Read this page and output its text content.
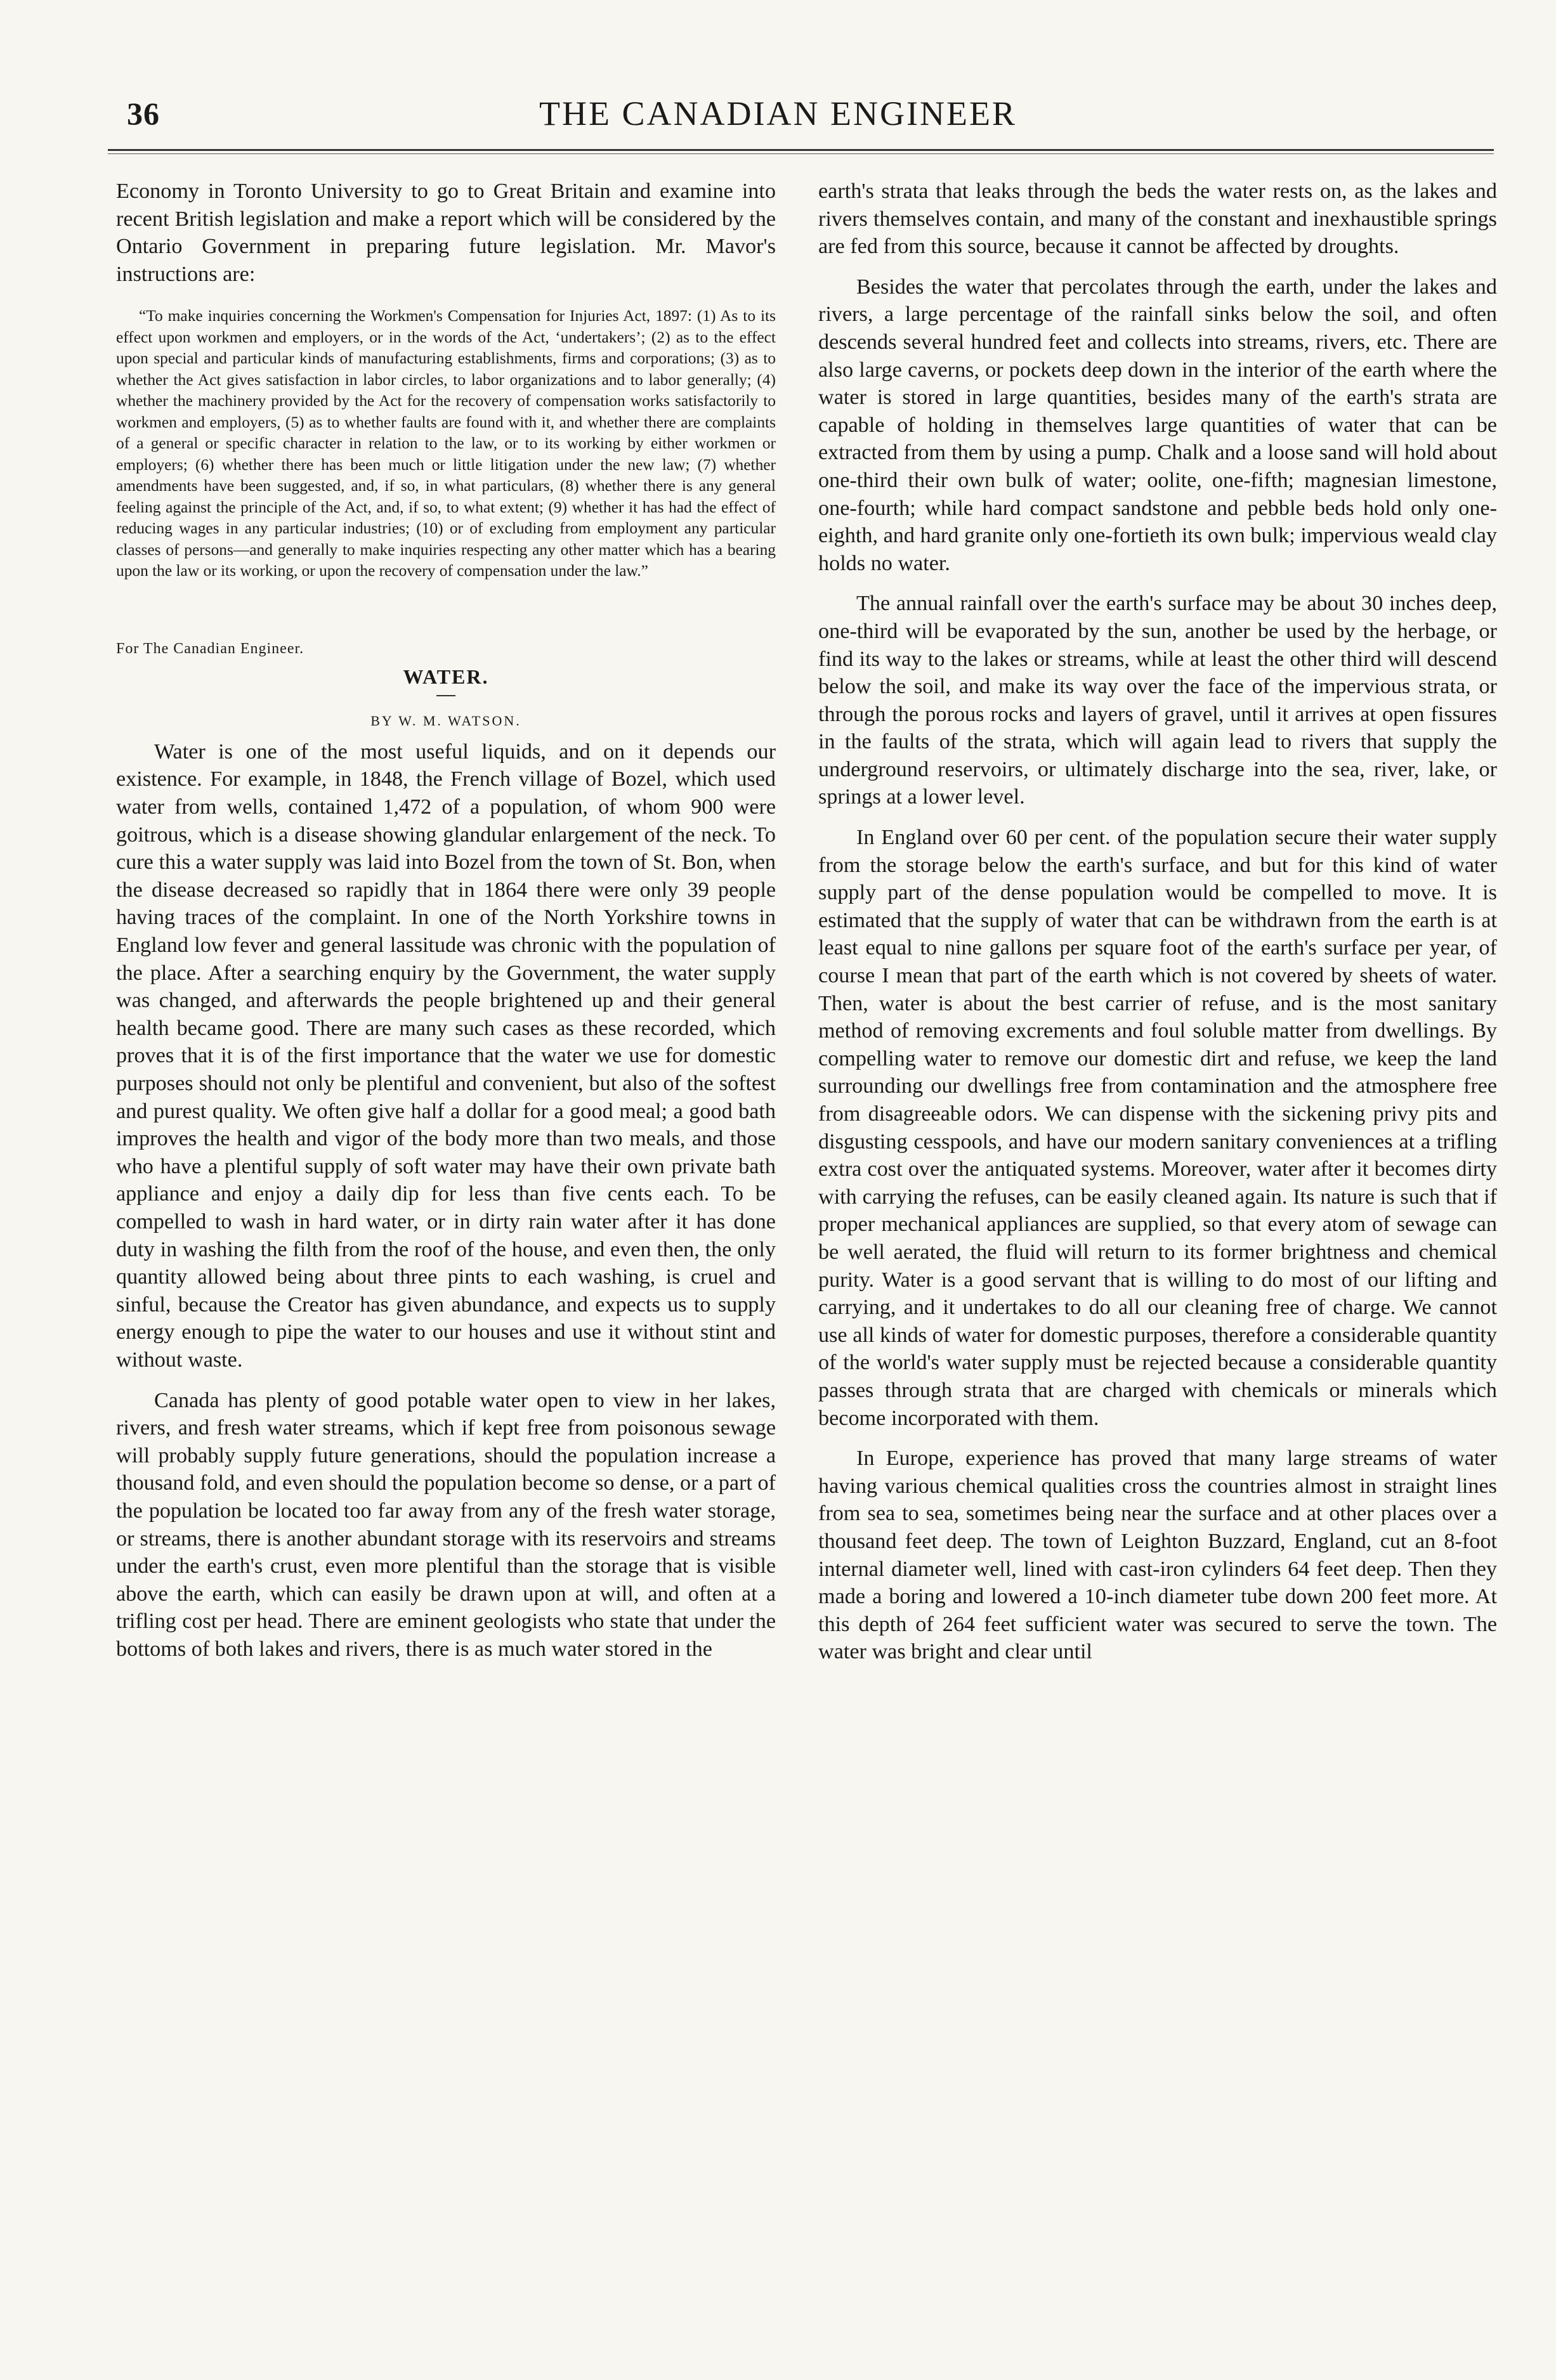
36	THE CANADIAN ENGINEER

Economy in Toronto University to go to Great Britain and examine into recent British legislation and make a report which will be considered by the Ontario Government in preparing future legislation. Mr. Mavor's instructions are:

“To make inquiries concerning the Workmen's Compensation for Injuries Act, 1897: (1) As to its effect upon workmen and employers, or in the words of the Act, ‘undertakers’; (2) as to the effect upon special and particular kinds of manufacturing establishments, firms and corporations; (3) as to whether the Act gives satisfaction in labor circles, to labor organizations and to labor generally; (4) whether the machinery provided by the Act for the recovery of compensation works satisfactorily to workmen and employers, (5) as to whether faults are found with it, and whether there are complaints of a general or specific character in relation to the law, or to its working by either workmen or employers; (6) whether there has been much or little litigation under the new law; (7) whether amendments have been suggested, and, if so, in what particulars, (8) whether there is any general feeling against the principle of the Act, and, if so, to what extent; (9) whether it has had the effect of reducing wages in any particular industries; (10) or of excluding from employment any particular classes of persons—and generally to make inquiries respecting any other matter which has a bearing upon the law or its working, or upon the recovery of compensation under the law.”

For The Canadian Engineer.
WATER.
BY W. M. WATSON.

Water is one of the most useful liquids, and on it depends our existence. For example, in 1848, the French village of Bozel, which used water from wells, contained 1,472 of a population, of whom 900 were goitrous, which is a disease showing glandular enlargement of the neck. To cure this a water supply was laid into Bozel from the town of St. Bon, when the disease decreased so rapidly that in 1864 there were only 39 people having traces of the complaint. In one of the North Yorkshire towns in England low fever and general lassitude was chronic with the population of the place. After a searching enquiry by the Government, the water supply was changed, and afterwards the people brightened up and their general health became good. There are many such cases as these recorded, which proves that it is of the first importance that the water we use for domestic purposes should not only be plentiful and convenient, but also of the softest and purest quality. We often give half a dollar for a good meal; a good bath improves the health and vigor of the body more than two meals, and those who have a plentiful supply of soft water may have their own private bath appliance and enjoy a daily dip for less than five cents each. To be compelled to wash in hard water, or in dirty rain water after it has done duty in washing the filth from the roof of the house, and even then, the only quantity allowed being about three pints to each washing, is cruel and sinful, because the Creator has given abundance, and expects us to supply energy enough to pipe the water to our houses and use it without stint and without waste.

Canada has plenty of good potable water open to view in her lakes, rivers, and fresh water streams, which if kept free from poisonous sewage will probably supply future generations, should the population increase a thousand fold, and even should the population become so dense, or a part of the population be located too far away from any of the fresh water storage, or streams, there is another abundant storage with its reservoirs and streams under the earth's crust, even more plentiful than the storage that is visible above the earth, which can easily be drawn upon at will, and often at a trifling cost per head. There are eminent geologists who state that under the bottoms of both lakes and rivers, there is as much water stored in the

earth's strata that leaks through the beds the water rests on, as the lakes and rivers themselves contain, and many of the constant and inexhaustible springs are fed from this source, because it cannot be affected by droughts.

Besides the water that percolates through the earth, under the lakes and rivers, a large percentage of the rainfall sinks below the soil, and often descends several hundred feet and collects into streams, rivers, etc. There are also large caverns, or pockets deep down in the interior of the earth where the water is stored in large quantities, besides many of the earth's strata are capable of holding in themselves large quantities of water that can be extracted from them by using a pump. Chalk and a loose sand will hold about one-third their own bulk of water; oolite, one-fifth; magnesian limestone, one-fourth; while hard compact sandstone and pebble beds hold only one-eighth, and hard granite only one-fortieth its own bulk; impervious weald clay holds no water.

The annual rainfall over the earth's surface may be about 30 inches deep, one-third will be evaporated by the sun, another be used by the herbage, or find its way to the lakes or streams, while at least the other third will descend below the soil, and make its way over the face of the impervious strata, or through the porous rocks and layers of gravel, until it arrives at open fissures in the faults of the strata, which will again lead to rivers that supply the underground reservoirs, or ultimately discharge into the sea, river, lake, or springs at a lower level.

In England over 60 per cent. of the population secure their water supply from the storage below the earth's surface, and but for this kind of water supply part of the dense population would be compelled to move. It is estimated that the supply of water that can be withdrawn from the earth is at least equal to nine gallons per square foot of the earth's surface per year, of course I mean that part of the earth which is not covered by sheets of water. Then, water is about the best carrier of refuse, and is the most sanitary method of removing excrements and foul soluble matter from dwellings. By compelling water to remove our domestic dirt and refuse, we keep the land surrounding our dwellings free from contamination and the atmosphere free from disagreeable odors. We can dispense with the sickening privy pits and disgusting cesspools, and have our modern sanitary conveniences at a trifling extra cost over the antiquated systems. Moreover, water after it becomes dirty with carrying the refuses, can be easily cleaned again. Its nature is such that if proper mechanical appliances are supplied, so that every atom of sewage can be well aerated, the fluid will return to its former brightness and chemical purity. Water is a good servant that is willing to do most of our lifting and carrying, and it undertakes to do all our cleaning free of charge. We cannot use all kinds of water for domestic purposes, therefore a considerable quantity of the world's water supply must be rejected because a considerable quantity passes through strata that are charged with chemicals or minerals which become incorporated with them.

In Europe, experience has proved that many large streams of water having various chemical qualities cross the countries almost in straight lines from sea to sea, sometimes being near the surface and at other places over a thousand feet deep. The town of Leighton Buzzard, England, cut an 8-foot internal diameter well, lined with cast-iron cylinders 64 feet deep. Then they made a boring and lowered a 10-inch diameter tube down 200 feet more. At this depth of 264 feet sufficient water was secured to serve the town. The water was bright and clear until
